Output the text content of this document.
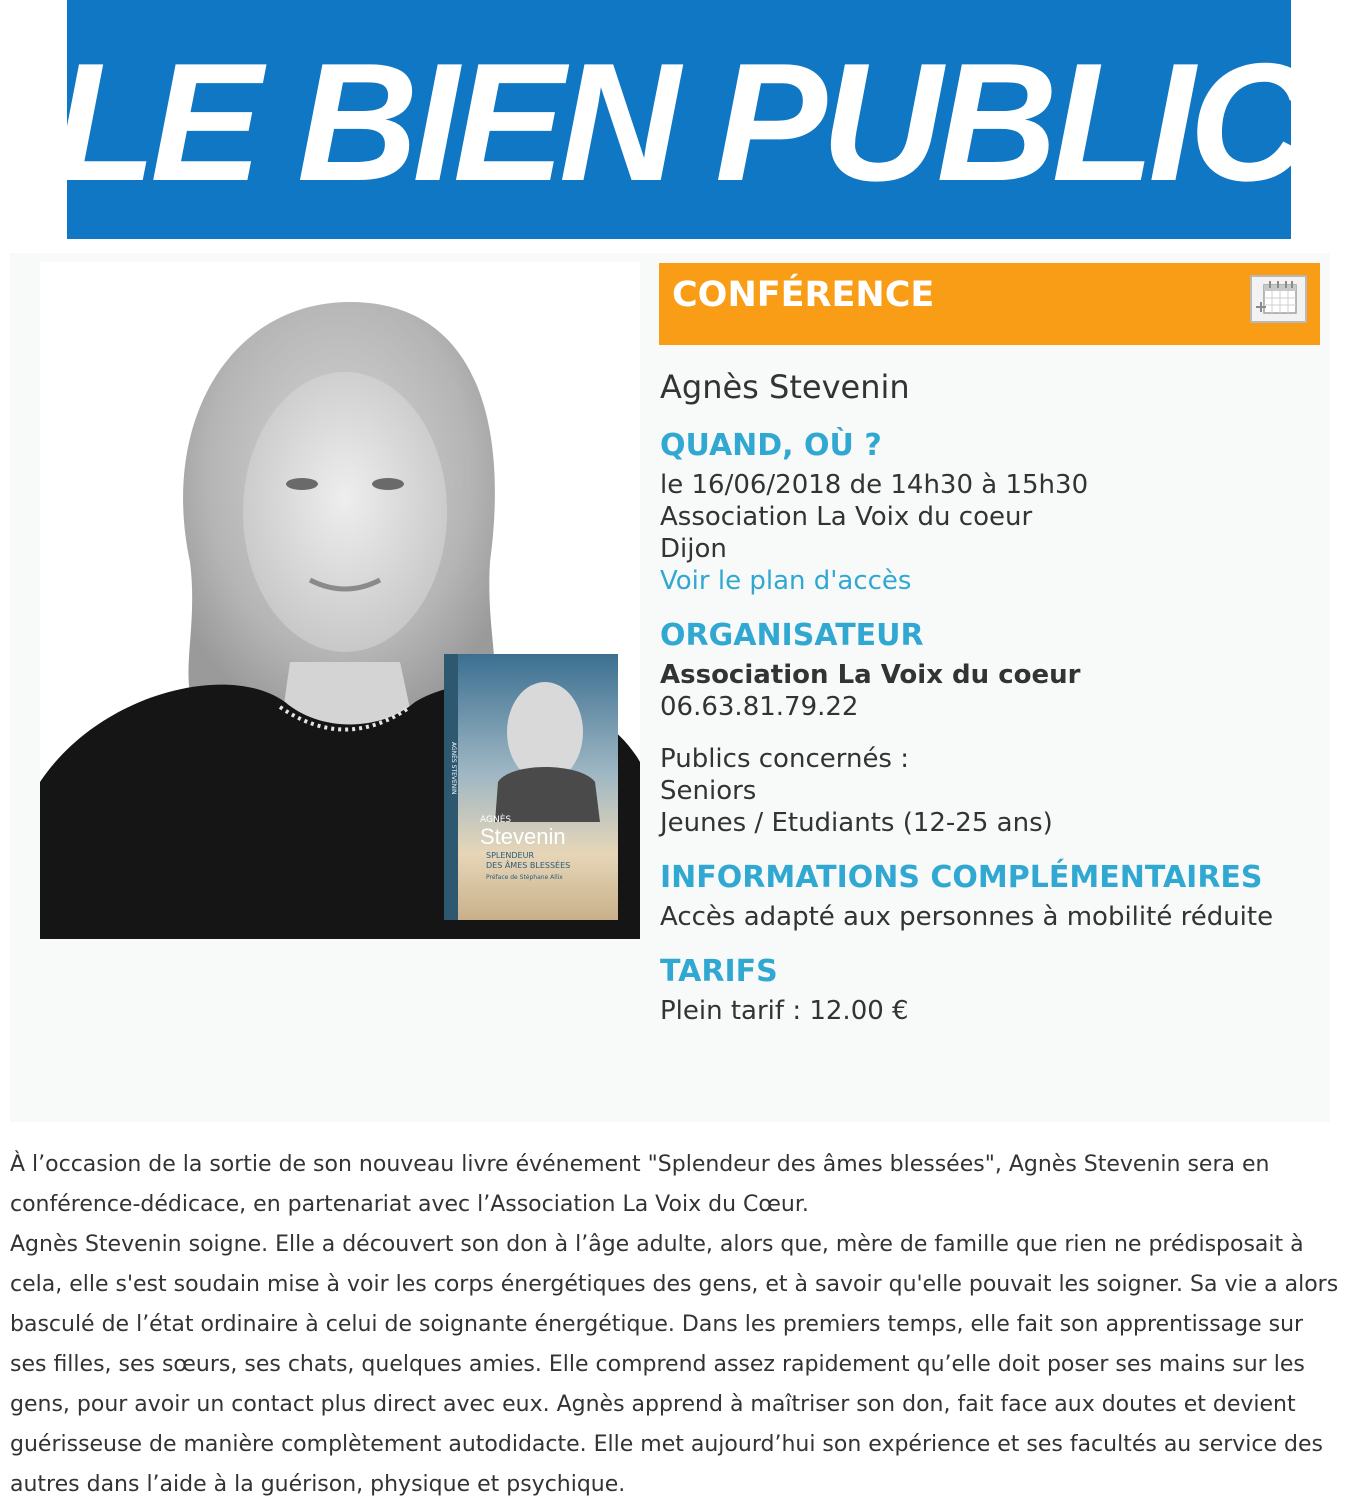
LE BIEN PUBLIC
AGNÈS
Stevenin
SPLENDEUR
DES ÂMES BLESSÉES
Préface de Stéphane Allix
AGNÈS STEVENIN
CONFÉRENCE
Agnès Stevenin
QUAND, OÙ ?
le 16/06/2018 de 14h30 à 15h30
Association La Voix du coeur
Dijon
Voir le plan d'accès
ORGANISATEUR
Association La Voix du coeur
06.63.81.79.22
Publics concernés :
Seniors
Jeunes / Etudiants (12-25 ans)
INFORMATIONS COMPLÉMENTAIRES
Accès adapté aux personnes à mobilité réduite
TARIFS
Plein tarif : 12.00 €

À l’occasion de la sortie de son nouveau livre événement "Splendeur des âmes blessées", Agnès Stevenin sera en conférence-dédicace, en partenariat avec l’Association La Voix du Cœur.

Agnès Stevenin soigne. Elle a découvert son don à l’âge adulte, alors que, mère de famille que rien ne prédisposait à cela, elle s'est soudain mise à voir les corps énergétiques des gens, et à savoir qu'elle pouvait les soigner. Sa vie a alors basculé de l’état ordinaire à celui de soignante énergétique. Dans les premiers temps, elle fait son apprentissage sur ses filles, ses sœurs, ses chats, quelques amies. Elle comprend assez rapidement qu’elle doit poser ses mains sur les gens, pour avoir un contact plus direct avec eux. Agnès apprend à maîtriser son don, fait face aux doutes et devient guérisseuse de manière complètement autodidacte. Elle met aujourd’hui son expérience et ses facultés au service des autres dans l’aide à la guérison, physique et psychique.
